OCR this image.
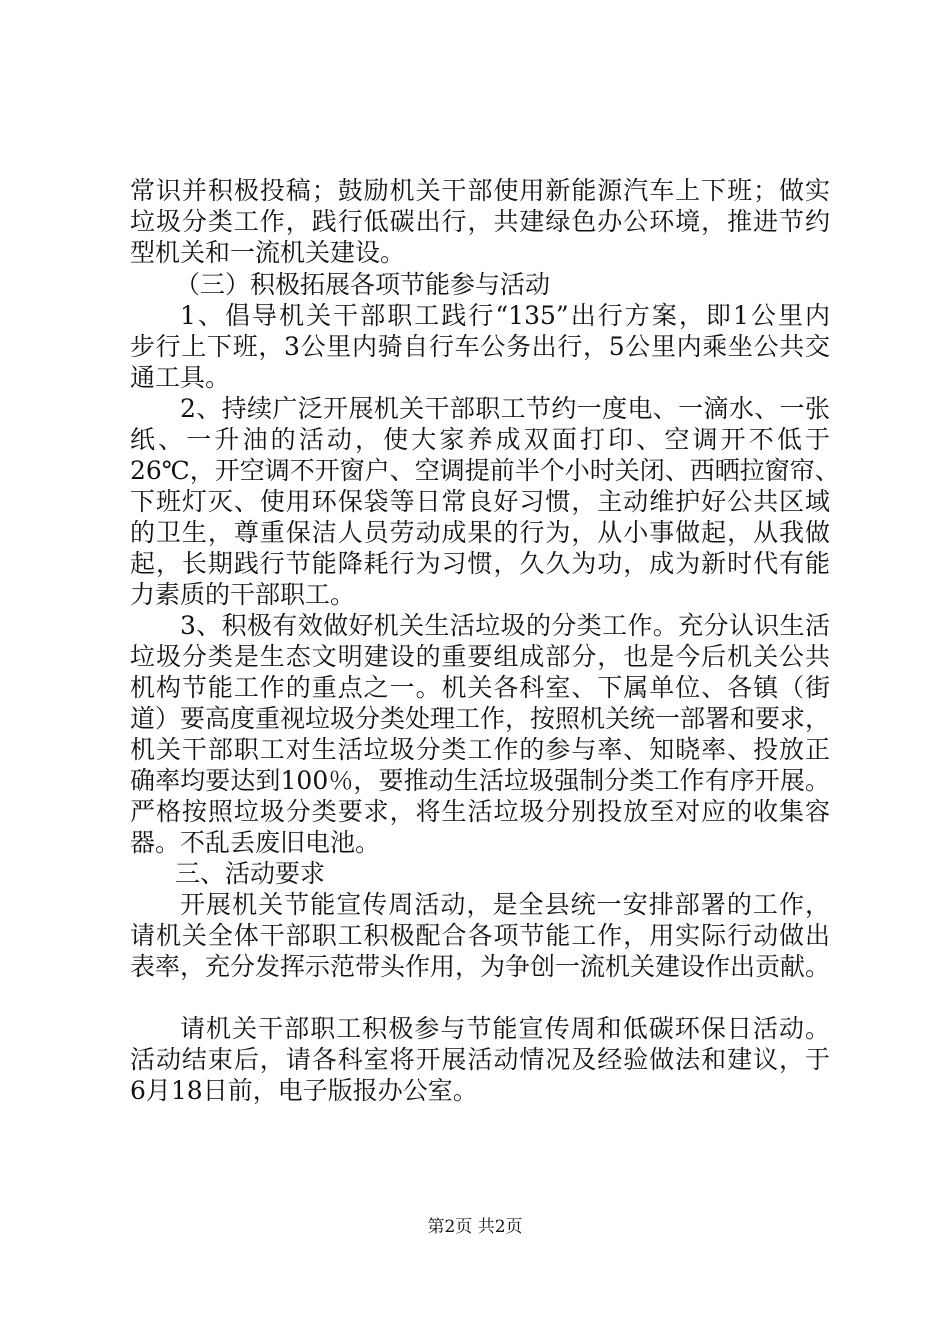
常识并积极投稿；鼓励机关干部使用新能源汽车上下班；做实
垃圾分类工作，践行低碳出行，共建绿色办公环境，推进节约
型机关和一流机关建设。
（三）积极拓展各项节能参与活动
1、倡导机关干部职工践行“135”出行方案，即1公里内
步行上下班，3公里内骑自行车公务出行，5公里内乘坐公共交
通工具。
2、持续广泛开展机关干部职工节约一度电、一滴水、一张
纸、一升油的活动，使大家养成双面打印、空调开不低于
26℃，开空调不开窗户、空调提前半个小时关闭、西晒拉窗帘、
下班灯灭、使用环保袋等日常良好习惯，主动维护好公共区域
的卫生，尊重保洁人员劳动成果的行为，从小事做起，从我做
起，长期践行节能降耗行为习惯，久久为功，成为新时代有能
力素质的干部职工。
3、积极有效做好机关生活垃圾的分类工作。充分认识生活
垃圾分类是生态文明建设的重要组成部分，也是今后机关公共
机构节能工作的重点之一。机关各科室、下属单位、各镇（街
道）要高度重视垃圾分类处理工作，按照机关统一部署和要求，
机关干部职工对生活垃圾分类工作的参与率、知晓率、投放正
确率均要达到100％，要推动生活垃圾强制分类工作有序开展。
严格按照垃圾分类要求，将生活垃圾分别投放至对应的收集容
器。不乱丢废旧电池。
三、活动要求
开展机关节能宣传周活动，是全县统一安排部署的工作，
请机关全体干部职工积极配合各项节能工作，用实际行动做出
表率，充分发挥示范带头作用，为争创一流机关建设作出贡献。
请机关干部职工积极参与节能宣传周和低碳环保日活动。
活动结束后，请各科室将开展活动情况及经验做法和建议，于
6月18日前，电子版报办公室。
第2页 共2页
